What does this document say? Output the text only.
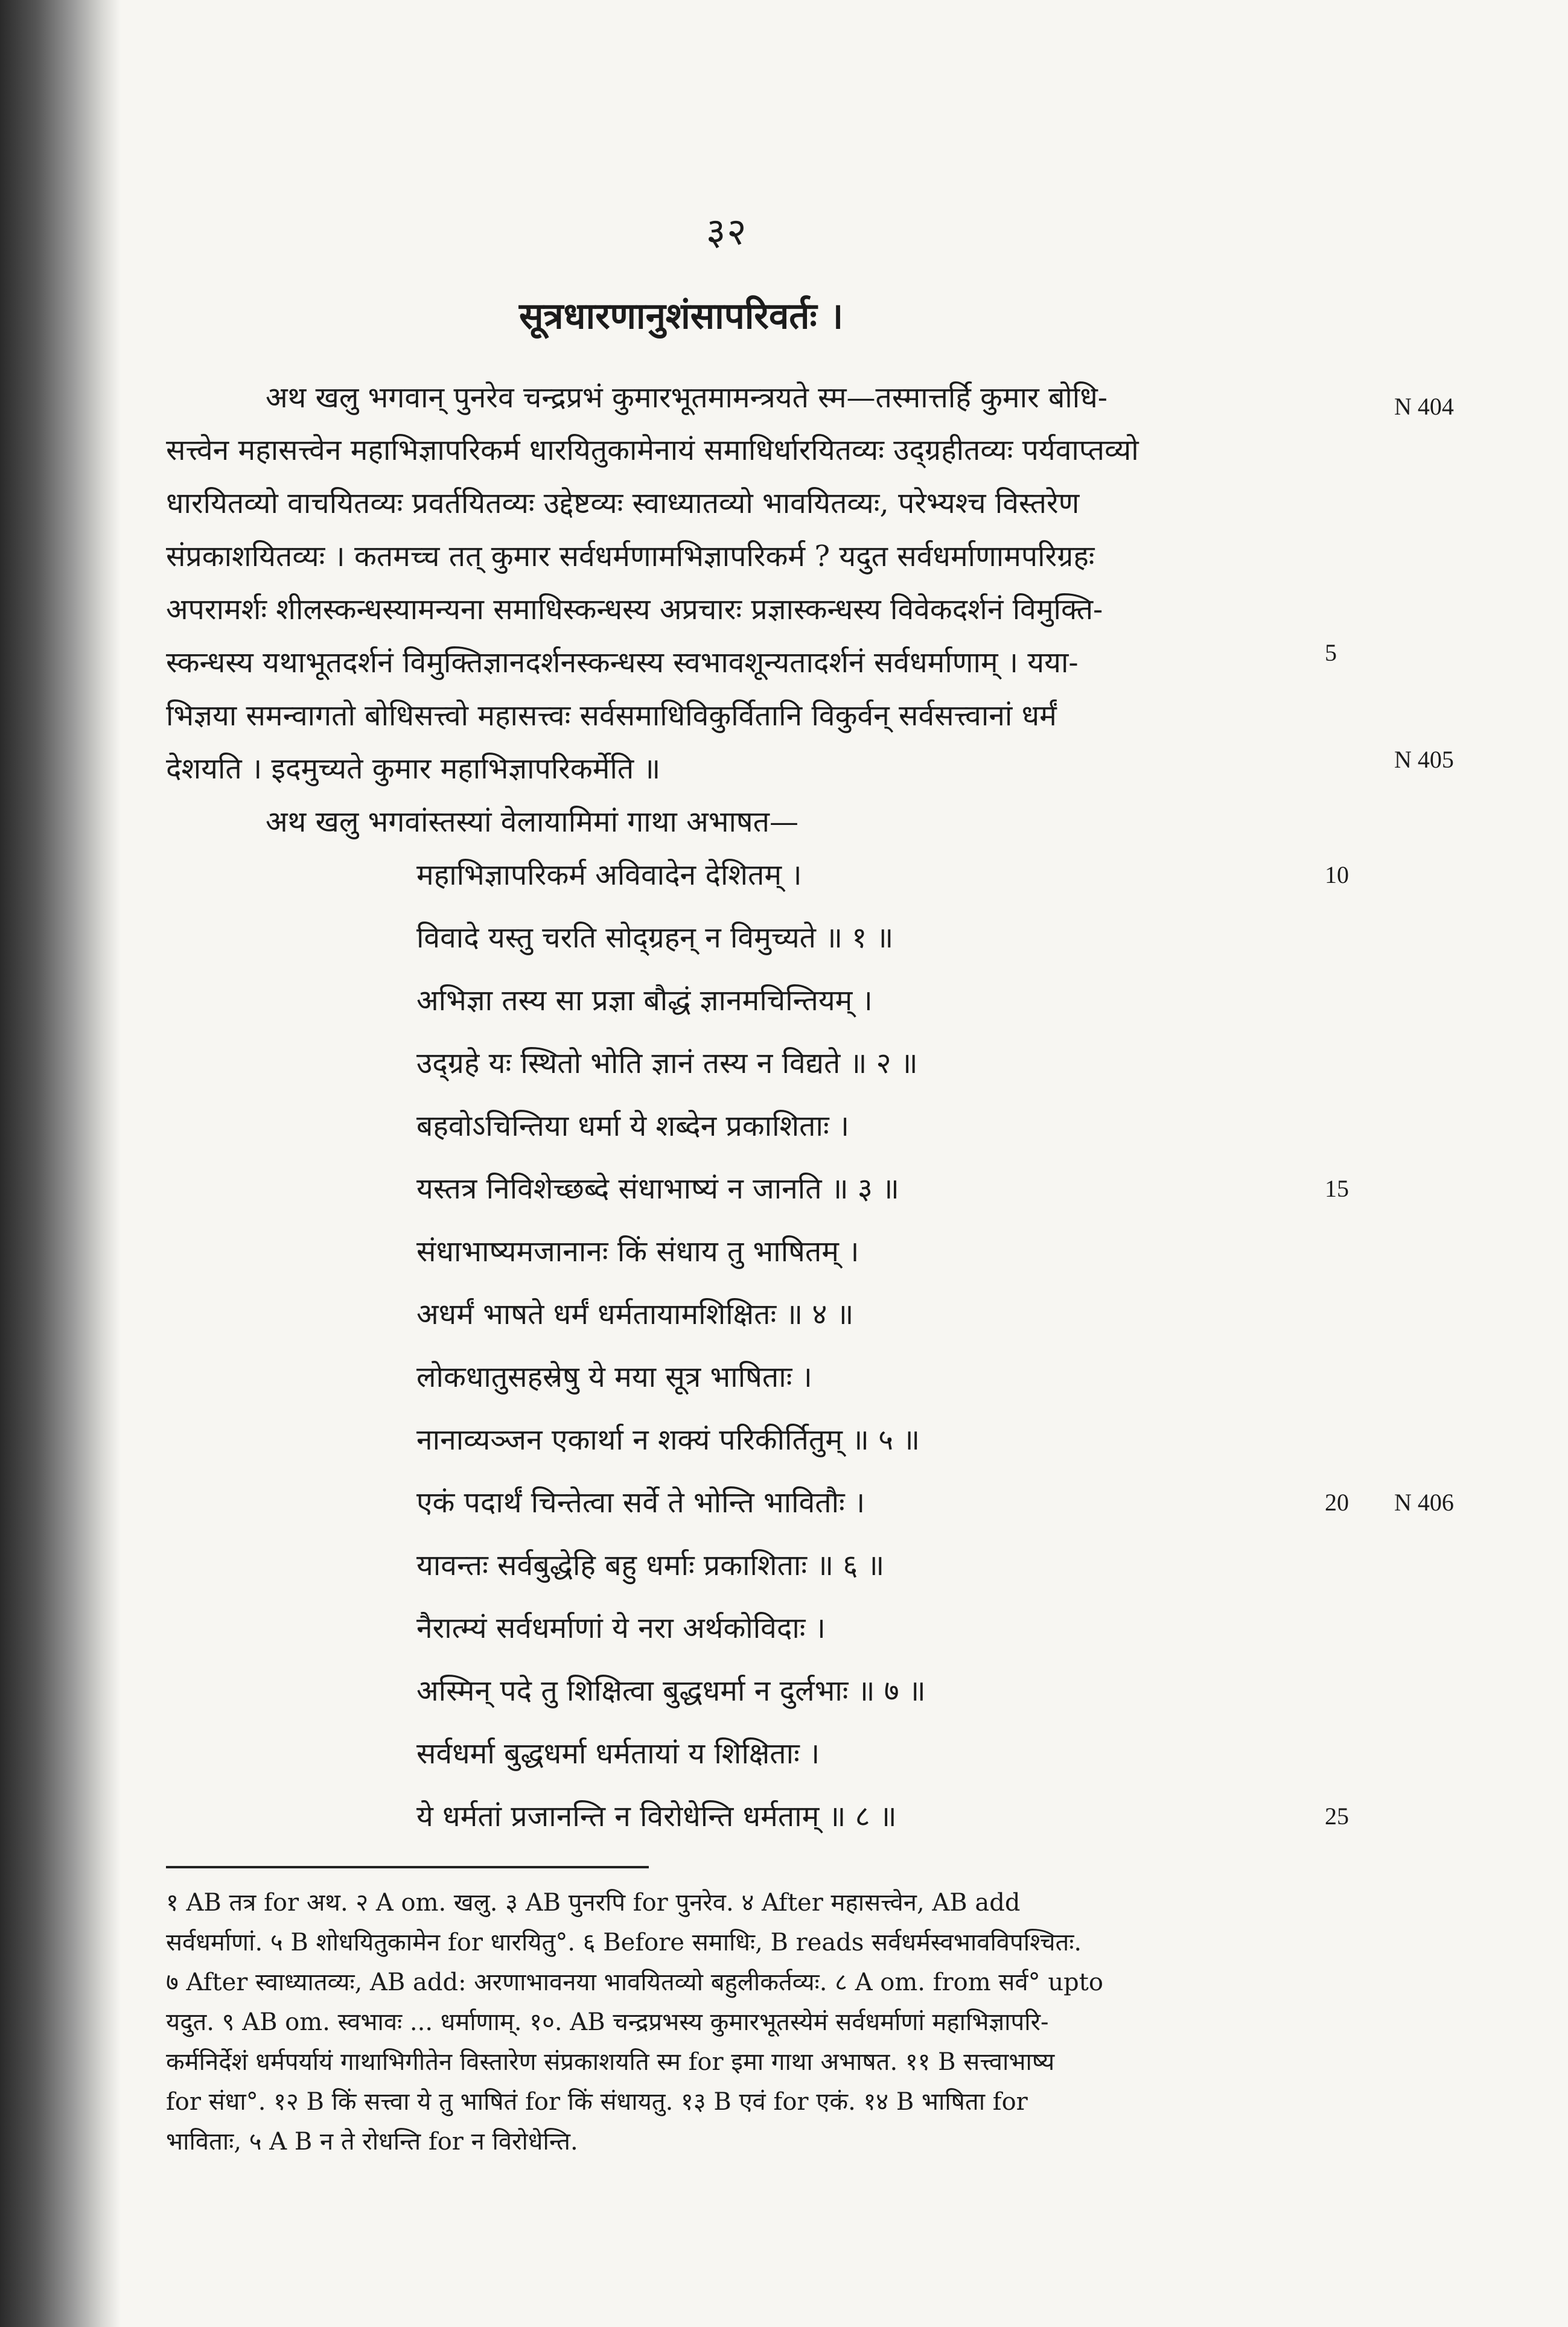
३२
सूत्रधारणानुशंसापरिवर्तः ।
अथ खलु भगवान् पुनरेव चन्द्रप्रभं कुमारभूतमामन्त्रयते स्म—तस्मात्तर्हि कुमार बोधि-
सत्त्वेन महासत्त्वेन महाभिज्ञापरिकर्म धारयितुकामेनायं समाधिर्धारयितव्यः उद्ग्रहीतव्यः पर्यवाप्तव्यो
धारयितव्यो वाचयितव्यः प्रवर्तयितव्यः उद्देष्टव्यः स्वाध्यातव्यो भावयितव्यः, परेभ्यश्च विस्तरेण
संप्रकाशयितव्यः । कतमच्च तत् कुमार सर्वधर्मणामभिज्ञापरिकर्म ? यदुत सर्वधर्माणामपरिग्रहः
अपरामर्शः शीलस्कन्धस्यामन्यना समाधिस्कन्धस्य अप्रचारः प्रज्ञास्कन्धस्य विवेकदर्शनं विमुक्ति-
स्कन्धस्य यथाभूतदर्शनं विमुक्तिज्ञानदर्शनस्कन्धस्य स्वभावशून्यतादर्शनं सर्वधर्माणाम् । यया-
भिज्ञया समन्वागतो बोधिसत्त्वो महासत्त्वः सर्वसमाधिविकुर्वितानि विकुर्वन् सर्वसत्त्वानां धर्मं
देशयति । इदमुच्यते कुमार महाभिज्ञापरिकर्मेति ॥
अथ खलु भगवांस्तस्यां वेलायामिमां गाथा अभाषत—
महाभिज्ञापरिकर्म अविवादेन देशितम् ।
विवादे यस्तु चरति सोद्ग्रहन् न विमुच्यते ॥ १ ॥
अभिज्ञा तस्य सा प्रज्ञा बौद्धं ज्ञानमचिन्तियम् ।
उद्ग्रहे यः स्थितो भोति ज्ञानं तस्य न विद्यते ॥ २ ॥
बहवोऽचिन्तिया धर्मा ये शब्देन प्रकाशिताः ।
यस्तत्र निविशेच्छब्दे संधाभाष्यं न जानति ॥ ३ ॥
संधाभाष्यमजानानः किं संधाय तु भाषितम् ।
अधर्मं भाषते धर्मं धर्मतायामशिक्षितः ॥ ४ ॥
लोकधातुसहस्रेषु ये मया सूत्र भाषिताः ।
नानाव्यञ्जन एकार्था न शक्यं परिकीर्तितुम् ॥ ५ ॥
एकं पदार्थं चिन्तेत्वा सर्वे ते भोन्ति भावितौः ।
यावन्तः सर्वबुद्धेहि बहु धर्माः प्रकाशिताः ॥ ६ ॥
नैरात्म्यं सर्वधर्माणां ये नरा अर्थकोविदाः ।
अस्मिन् पदे तु शिक्षित्वा बुद्धधर्मा न दुर्लभाः ॥ ७ ॥
सर्वधर्मा बुद्धधर्मा धर्मतायां य शिक्षिताः ।
ये धर्मतां प्रजानन्ति न विरोधेन्ति धर्मताम् ॥ ८ ॥
5
10
15
20
25
N 404
N 405
N 406

१ AB तत्र for अथ. २ A om. खलु. ३ AB पुनरपि for पुनरेव. ४ After महासत्त्वेन, AB add

सर्वधर्माणां. ५ B शोधयितुकामेन for धारयितु°. ६ Before समाधिः, B reads सर्वधर्मस्वभावविपश्चितः.

७ After स्वाध्यातव्यः, AB add: अरणाभावनया भावयितव्यो बहुलीकर्तव्यः. ८ A om. from सर्व° upto

यदुत. ९ AB om. स्वभावः ... धर्माणाम्. १०. AB चन्द्रप्रभस्य कुमारभूतस्येमं सर्वधर्माणां महाभिज्ञापरि-

कर्मनिर्देशं धर्मपर्यायं गाथाभिगीतेन विस्तारेण संप्रकाशयति स्म for इमा गाथा अभाषत. ११ B सत्त्वाभाष्य

for संधा°. १२ B किं सत्त्वा ये तु भाषितं for किं संधायतु. १३ B एवं for एकं. १४ B भाषिता for

भाविताः, ५ A B न ते रोधन्ति for न विरोधेन्ति.
